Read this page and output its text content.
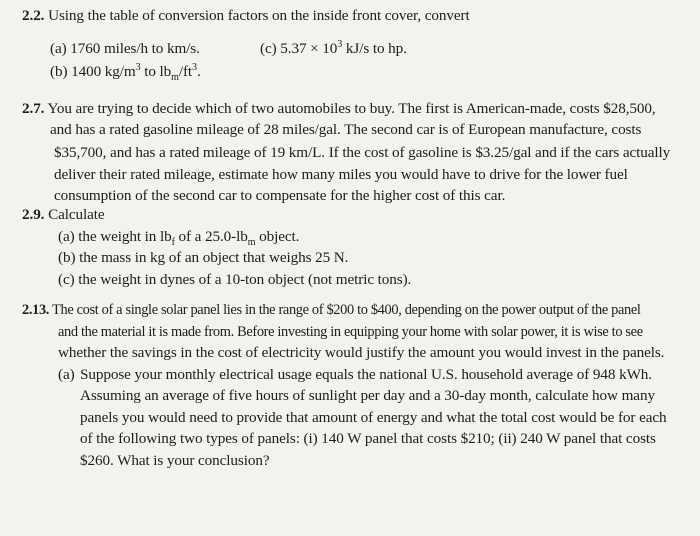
2.2. Using the table of conversion factors on the inside front cover, convert
(a) 1760 miles/h to km/s.	(c) $5.37 \times 10^3$ kJ/s to hp.
(b) 1400 $kg/m^3$ to $lb_m/ft^3$.
2.7. You are trying to decide which of two automobiles to buy. The first is American-made, costs $28,500,
and has a rated gasoline mileage of 28 miles/gal. The second car is of European manufacture, costs
$35,700, and has a rated mileage of 19 km/L. If the cost of gasoline is $3.25/gal and if the cars actually
deliver their rated mileage, estimate how many miles you would have to drive for the lower fuel
consumption of the second car to compensate for the higher cost of this car.
2.9. Calculate
(a) the weight in $lb_f$ of a $25.0-lb_m$ object.
(b) the mass in kg of an object that weighs 25 N.
(c) the weight in dynes of a 10-ton object (not metric tons).
2.13. The cost of a single solar panel lies in the range of $200 to $400, depending on the power output of the panel
and the material it is made from. Before investing in equipping your home with solar power, it is wise to see
whether the savings in the cost of electricity would justify the amount you would invest in the panels.
(a) Suppose your monthly electrical usage equals the national U.S. household average of 948 kWh.
Assuming an average of five hours of sunlight per day and a 30-day month, calculate how many
panels you would need to provide that amount of energy and what the total cost would be for each
of the following two types of panels: (i) 140 W panel that costs $210; (ii) 240 W panel that costs
$260. What is your conclusion?
